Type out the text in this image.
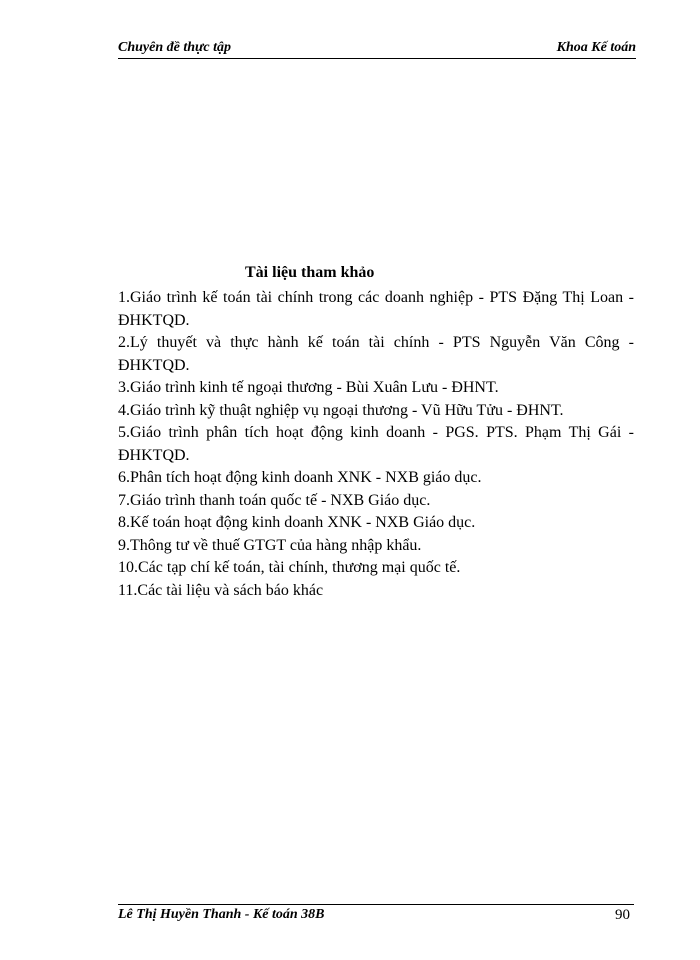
Chuyên đề thực tập	Khoa Kế toán
Tài liệu tham khảo

1.Giáo trình kế toán tài chính trong các doanh nghiệp - PTS Đặng Thị Loan - ĐHKTQD.

2.Lý thuyết và thực hành kế toán tài chính - PTS Nguyễn Văn Công - ĐHKTQD.

3.Giáo trình kinh tế ngoại thương - Bùi Xuân Lưu - ĐHNT.

4.Giáo trình kỹ thuật nghiệp vụ ngoại thương - Vũ Hữu Tửu - ĐHNT.

5.Giáo trình phân tích hoạt động kinh doanh - PGS. PTS. Phạm Thị Gái - ĐHKTQD.

6.Phân tích hoạt động kinh doanh XNK - NXB giáo dục.

7.Giáo trình thanh toán quốc tế - NXB Giáo dục.

8.Kế toán hoạt động kinh doanh XNK - NXB Giáo dục.

9.Thông tư về thuế GTGT của hàng nhập khẩu.

10.Các tạp chí kế toán, tài chính, thương mại quốc tế.

11.Các tài liệu và sách báo khác

Lê Thị Huyền Thanh - Kế toán 38B	90
